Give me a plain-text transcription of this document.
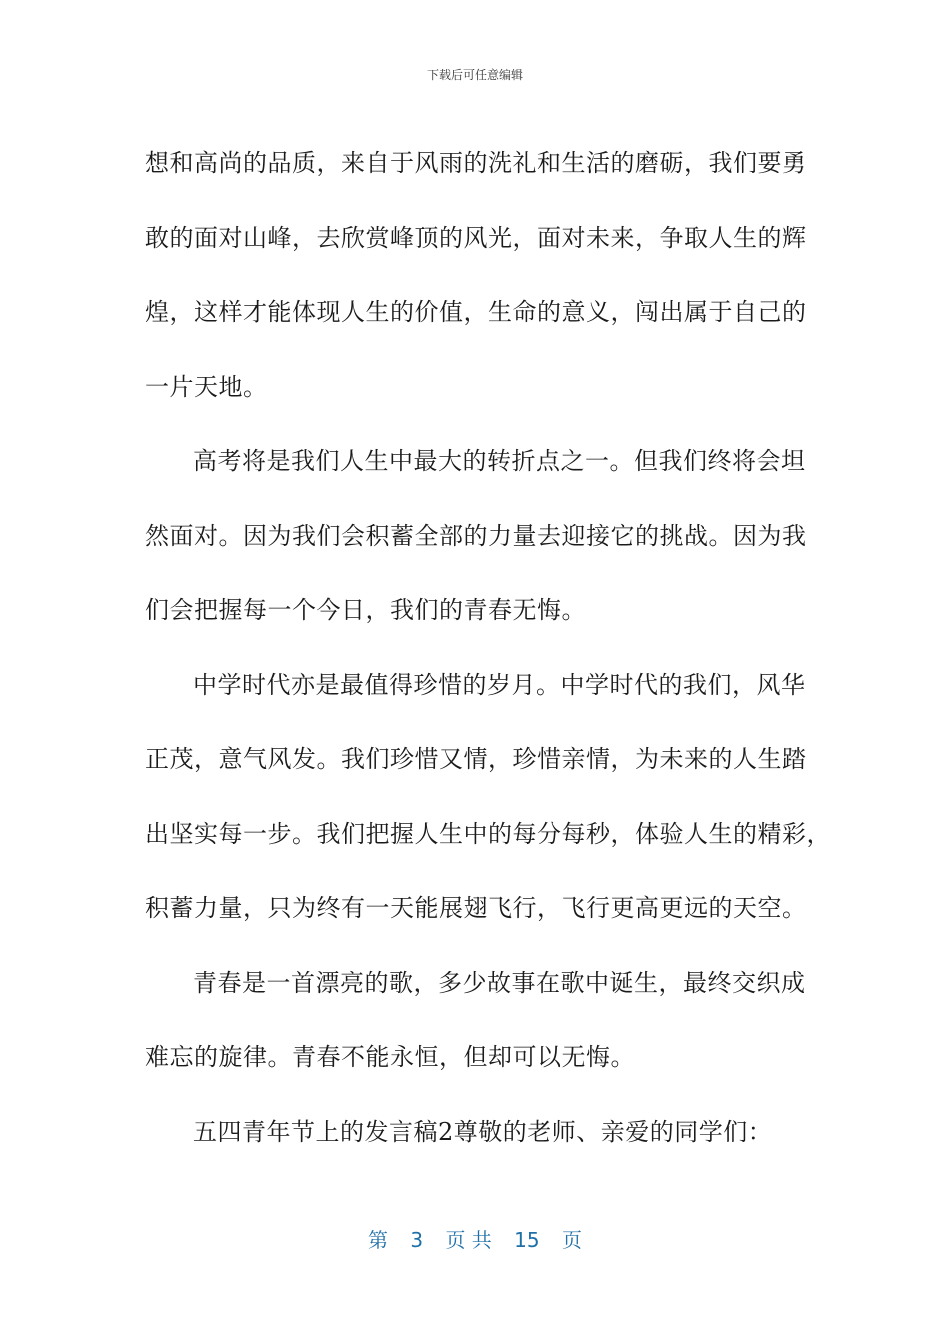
下载后可任意编辑
想和高尚的品质，来自于风雨的洗礼和生活的磨砺，我们要勇
敢的面对山峰，去欣赏峰顶的风光，面对未来，争取人生的辉
煌，这样才能体现人生的价值，生命的意义，闯出属于自己的
一片天地。
高考将是我们人生中最大的转折点之一。但我们终将会坦
然面对。因为我们会积蓄全部的力量去迎接它的挑战。因为我
们会把握每一个今日，我们的青春无悔。
中学时代亦是最值得珍惜的岁月。中学时代的我们，风华
正茂，意气风发。我们珍惜又情，珍惜亲情，为未来的人生踏
出坚实每一步。我们把握人生中的每分每秒，体验人生的精彩，
积蓄力量，只为终有一天能展翅飞行，飞行更高更远的天空。
青春是一首漂亮的歌，多少故事在歌中诞生，最终交织成
难忘的旋律。青春不能永恒，但却可以无悔。
五四青年节上的发言稿2尊敬的老师、亲爱的同学们：
第 3 页 共 15 页
